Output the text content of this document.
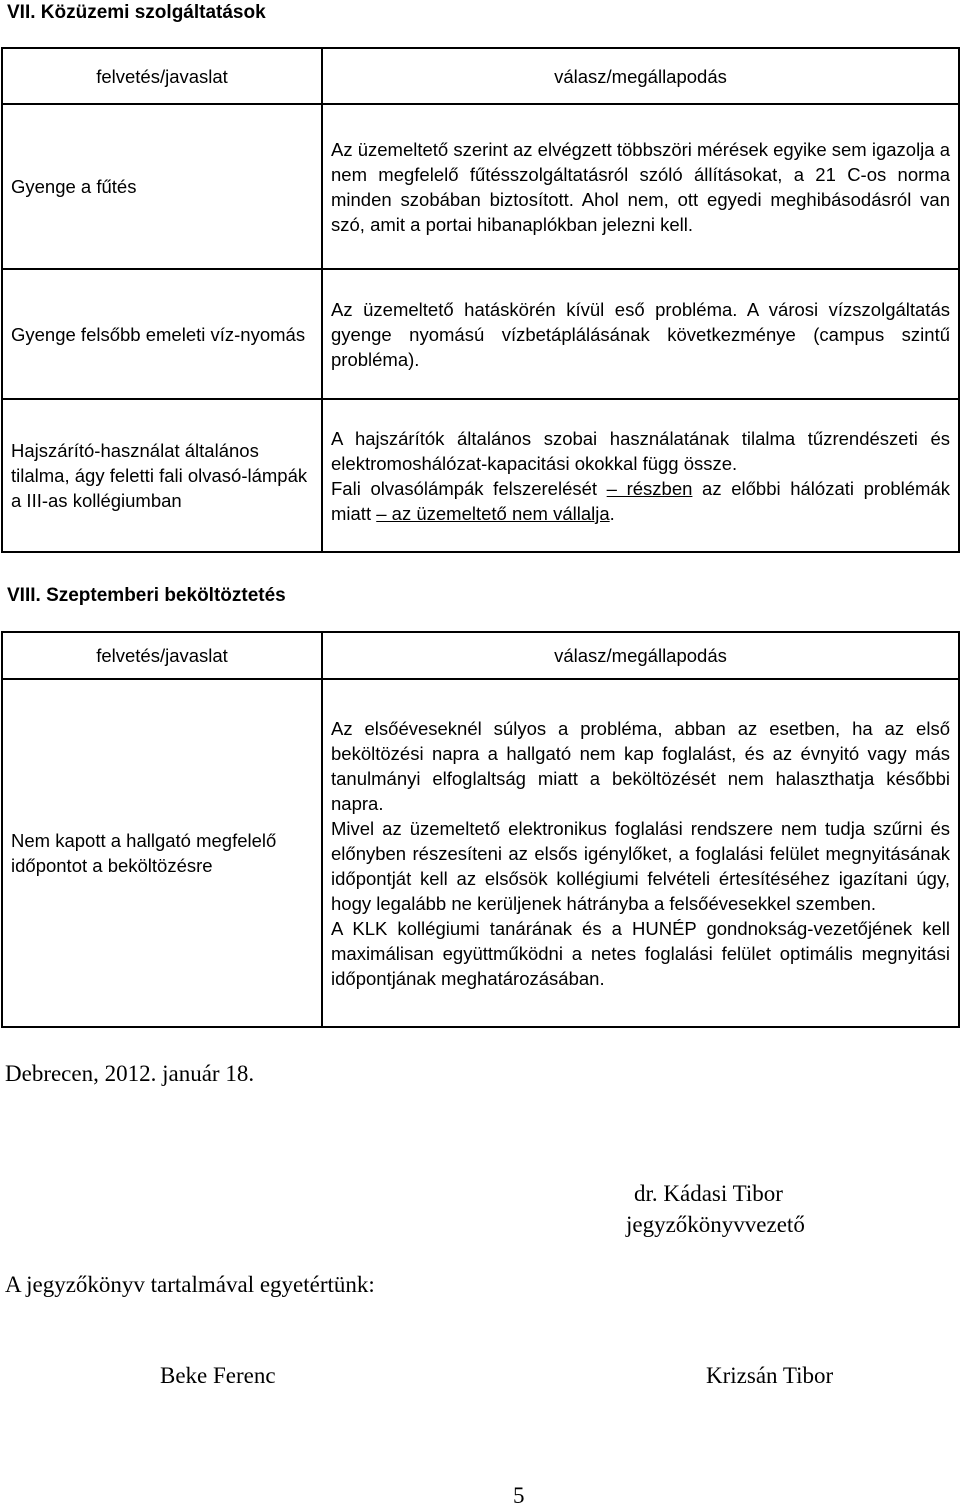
VII. Közüzemi szolgáltatások
felvetés/javaslat	válasz/megállapodás
Gyenge a fűtés	Az üzemeltető szerint az elvégzett többszöri mérések egyike sem igazolja a nem megfelelő fűtésszolgáltatásról szóló állításokat, a 21 C-os norma minden szobában biztosított. Ahol nem, ott egyedi meghibásodásról van szó, amit a portai hibanaplókban jelezni kell.
Gyenge felsőbb emeleti víz-nyomás	Az üzemeltető hatáskörén kívül eső probléma. A városi vízszolgáltatás gyenge nyomású vízbetáplálásának következménye (campus szintű probléma).
Hajszárító-használat általános tilalma, ágy feletti fali olvasó-lámpák a III-as kollégiumban	A hajszárítók általános szobai használatának tilalma tűzrendészeti és elektromoshálózat-kapacitási okokkal függ össze.

Fali olvasólámpák felszerelését – részben az előbbi hálózati problémák miatt – az üzemeltető nem vállalja.

VIII. Szeptemberi beköltöztetés
felvetés/javaslat	válasz/megállapodás
Nem kapott a hallgató megfelelő időpontot a beköltözésre	Az elsőéveseknél súlyos a probléma, abban az esetben, ha az első beköltözési napra a hallgató nem kap foglalást, és az évnyitó vagy más tanulmányi elfoglaltság miatt a beköltözését nem halaszthatja későbbi napra.

Mivel az üzemeltető elektronikus foglalási rendszere nem tudja szűrni és előnyben részesíteni az elsős igénylőket, a foglalási felület megnyitásának időpontját kell az elsősök kollégiumi felvételi értesítéséhez igazítani úgy, hogy legalább ne kerüljenek hátrányba a felsőévesekkel szemben.

A KLK kollégiumi tanárának és a HUNÉP gondnokság-vezetőjének kell maximálisan együttműködni a netes foglalási felület optimális megnyitási időpontjának meghatározásában.

Debrecen, 2012. január 18.
dr. Kádasi Tibor
jegyzőkönyvvezető
A jegyzőkönyv tartalmával egyetértünk:
Beke Ferenc	Krizsán Tibor
5
